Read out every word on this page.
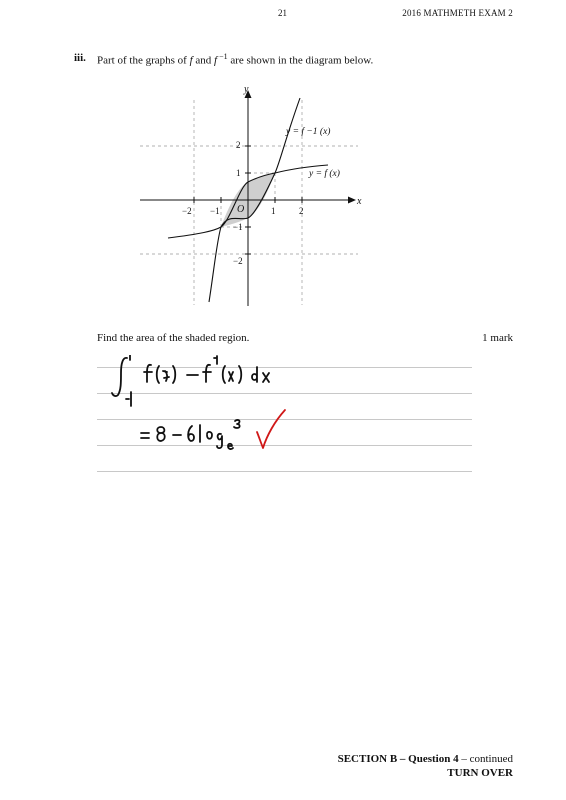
21	2016 MATHMETH EXAM 2
iii. Part of the graphs of f and f $^{-1}$ are shown in the diagram below.
−2 −1	1	2
2
1
−1
−2
O
x
y
y = f −1 (x)
y = f (x)
Find the area of the shaded region.	1 mark
SECTION B – Question 4 – continued
TURN OVER
